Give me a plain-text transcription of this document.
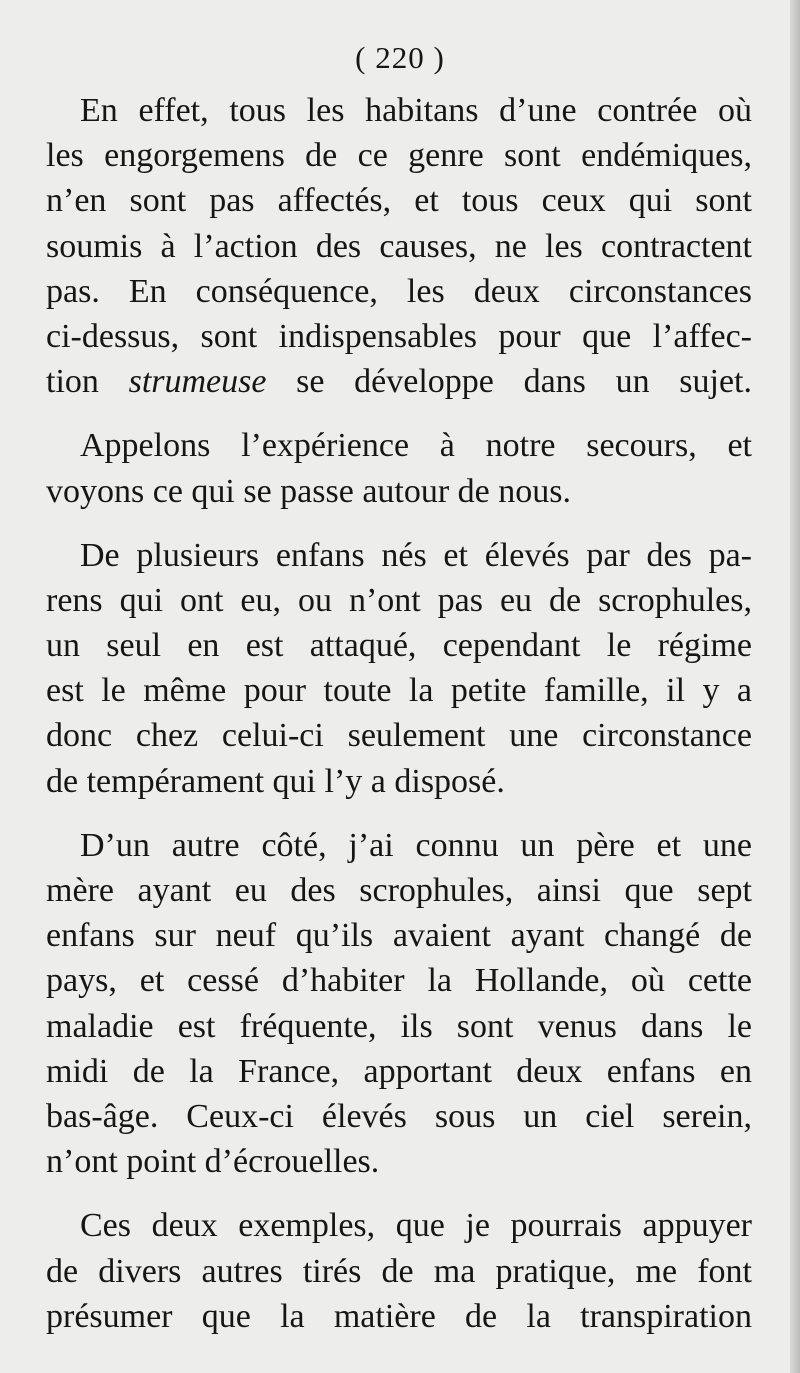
( 220 )
En effet, tous les habitans d’une contrée où
les engorgemens de ce genre sont endémiques,
n’en sont pas affectés, et tous ceux qui sont
soumis à l’action des causes, ne les contractent
pas. En conséquence, les deux circonstances
ci-dessus, sont indispensables pour que l’affec-
tion strumeuse se développe dans un sujet.
Appelons l’expérience à notre secours, et
voyons ce qui se passe autour de nous.
De plusieurs enfans nés et élevés par des pa-
rens qui ont eu, ou n’ont pas eu de scrophules,
un seul en est attaqué, cependant le régime
est le même pour toute la petite famille, il y a
donc chez celui-ci seulement une circonstance
de tempérament qui l’y a disposé.
D’un autre côté, j’ai connu un père et une
mère ayant eu des scrophules, ainsi que sept
enfans sur neuf qu’ils avaient ayant changé de
pays, et cessé d’habiter la Hollande, où cette
maladie est fréquente, ils sont venus dans le
midi de la France, apportant deux enfans en
bas-âge. Ceux-ci élevés sous un ciel serein,
n’ont point d’écrouelles.
Ces deux exemples, que je pourrais appuyer
de divers autres tirés de ma pratique, me font
présumer que la matière de la transpiration
